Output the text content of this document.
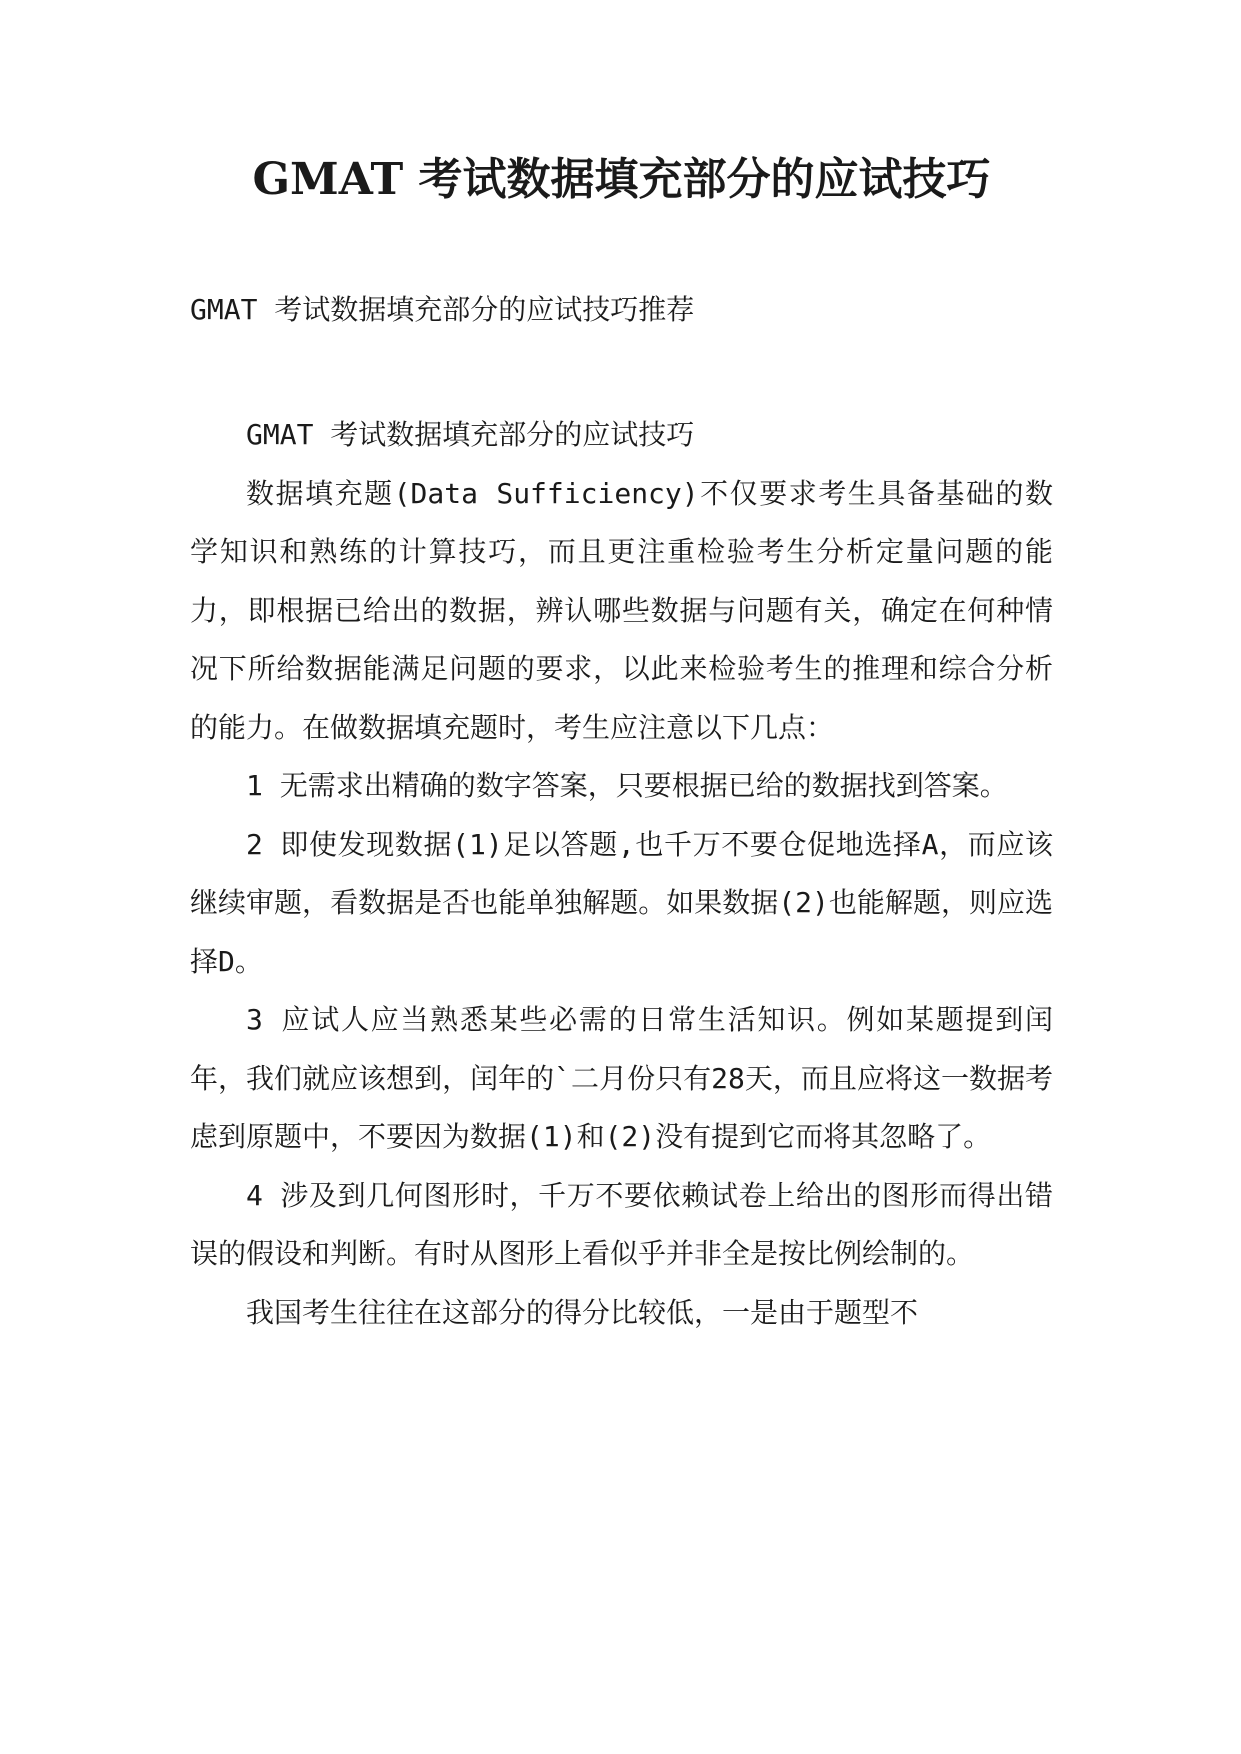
GMAT 考试数据填充部分的应试技巧
GMAT 考试数据填充部分的应试技巧推荐

GMAT 考试数据填充部分的应试技巧

数据填充题(Data Sufficiency)不仅要求考生具备基础的数学知识和熟练的计算技巧，而且更注重检验考生分析定量问题的能力，即根据已给出的数据，辨认哪些数据与问题有关，确定在何种情况下所给数据能满足问题的要求，以此来检验考生的推理和综合分析的能力。在做数据填充题时，考生应注意以下几点：

1 无需求出精确的数字答案，只要根据已给的数据找到答案。

2 即使发现数据(1)足以答题,也千万不要仓促地选择A，而应该继续审题，看数据是否也能单独解题。如果数据(2)也能解题，则应选择D。

3 应试人应当熟悉某些必需的日常生活知识。例如某题提到闰年，我们就应该想到，闰年的`二月份只有28天，而且应将这一数据考虑到原题中，不要因为数据(1)和(2)没有提到它而将其忽略了。

4 涉及到几何图形时，千万不要依赖试卷上给出的图形而得出错误的假设和判断。有时从图形上看似乎并非全是按比例绘制的。

我国考生往往在这部分的得分比较低，一是由于题型不
